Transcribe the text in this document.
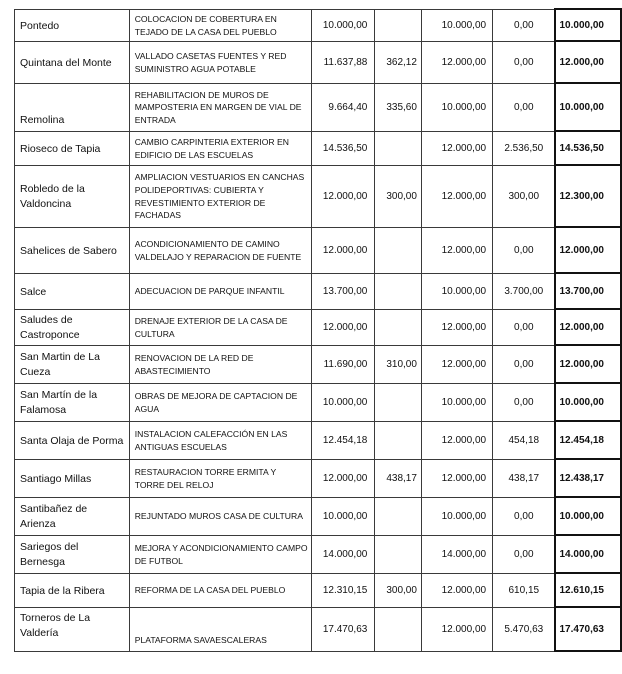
Pontedo	COLOCACION DE COBERTURA EN TEJADO DE LA CASA DEL PUEBLO	10.000,00		10.000,00	0,00	10.000,00
Quintana del Monte	VALLADO CASETAS FUENTES Y RED SUMINISTRO AGUA POTABLE	11.637,88	362,12	12.000,00	0,00	12.000,00
Remolina	REHABILITACION DE MUROS DE MAMPOSTERIA EN MARGEN DE VIAL DE ENTRADA	9.664,40	335,60	10.000,00	0,00	10.000,00
Rioseco de Tapia	CAMBIO CARPINTERIA EXTERIOR EN EDIFICIO DE LAS ESCUELAS	14.536,50		12.000,00	2.536,50	14.536,50
Robledo de la Valdoncina	AMPLIACION VESTUARIOS EN CANCHAS POLIDEPORTIVAS: CUBIERTA Y REVESTIMIENTO EXTERIOR DE FACHADAS	12.000,00	300,00	12.000,00	300,00	12.300,00
Sahelices de Sabero	ACONDICIONAMIENTO DE CAMINO VALDELAJO Y REPARACION DE FUENTE	12.000,00		12.000,00	0,00	12.000,00
Salce	ADECUACION DE PARQUE INFANTIL	13.700,00		10.000,00	3.700,00	13.700,00
Saludes de Castroponce	DRENAJE EXTERIOR DE LA CASA DE CULTURA	12.000,00		12.000,00	0,00	12.000,00
San Martin de La Cueza	RENOVACION DE LA RED DE ABASTECIMIENTO	11.690,00	310,00	12.000,00	0,00	12.000,00
San Martín de la Falamosa	OBRAS DE MEJORA DE CAPTACION DE AGUA	10.000,00		10.000,00	0,00	10.000,00
Santa Olaja de Porma	INSTALACION CALEFACCIÓN EN LAS ANTIGUAS ESCUELAS	12.454,18		12.000,00	454,18	12.454,18
Santiago Millas	RESTAURACION TORRE ERMITA Y TORRE DEL RELOJ	12.000,00	438,17	12.000,00	438,17	12.438,17
Santibañez de Arienza	REJUNTADO MUROS CASA DE CULTURA	10.000,00		10.000,00	0,00	10.000,00
Sariegos del Bernesga	MEJORA Y ACONDICIONAMIENTO CAMPO DE FUTBOL	14.000,00		14.000,00	0,00	14.000,00
Tapia de la Ribera	REFORMA DE LA CASA DEL PUEBLO	12.310,15	300,00	12.000,00	610,15	12.610,15
Torneros de La Valdería	PLATAFORMA SAVAESCALERAS	17.470,63		12.000,00	5.470,63	17.470,63
